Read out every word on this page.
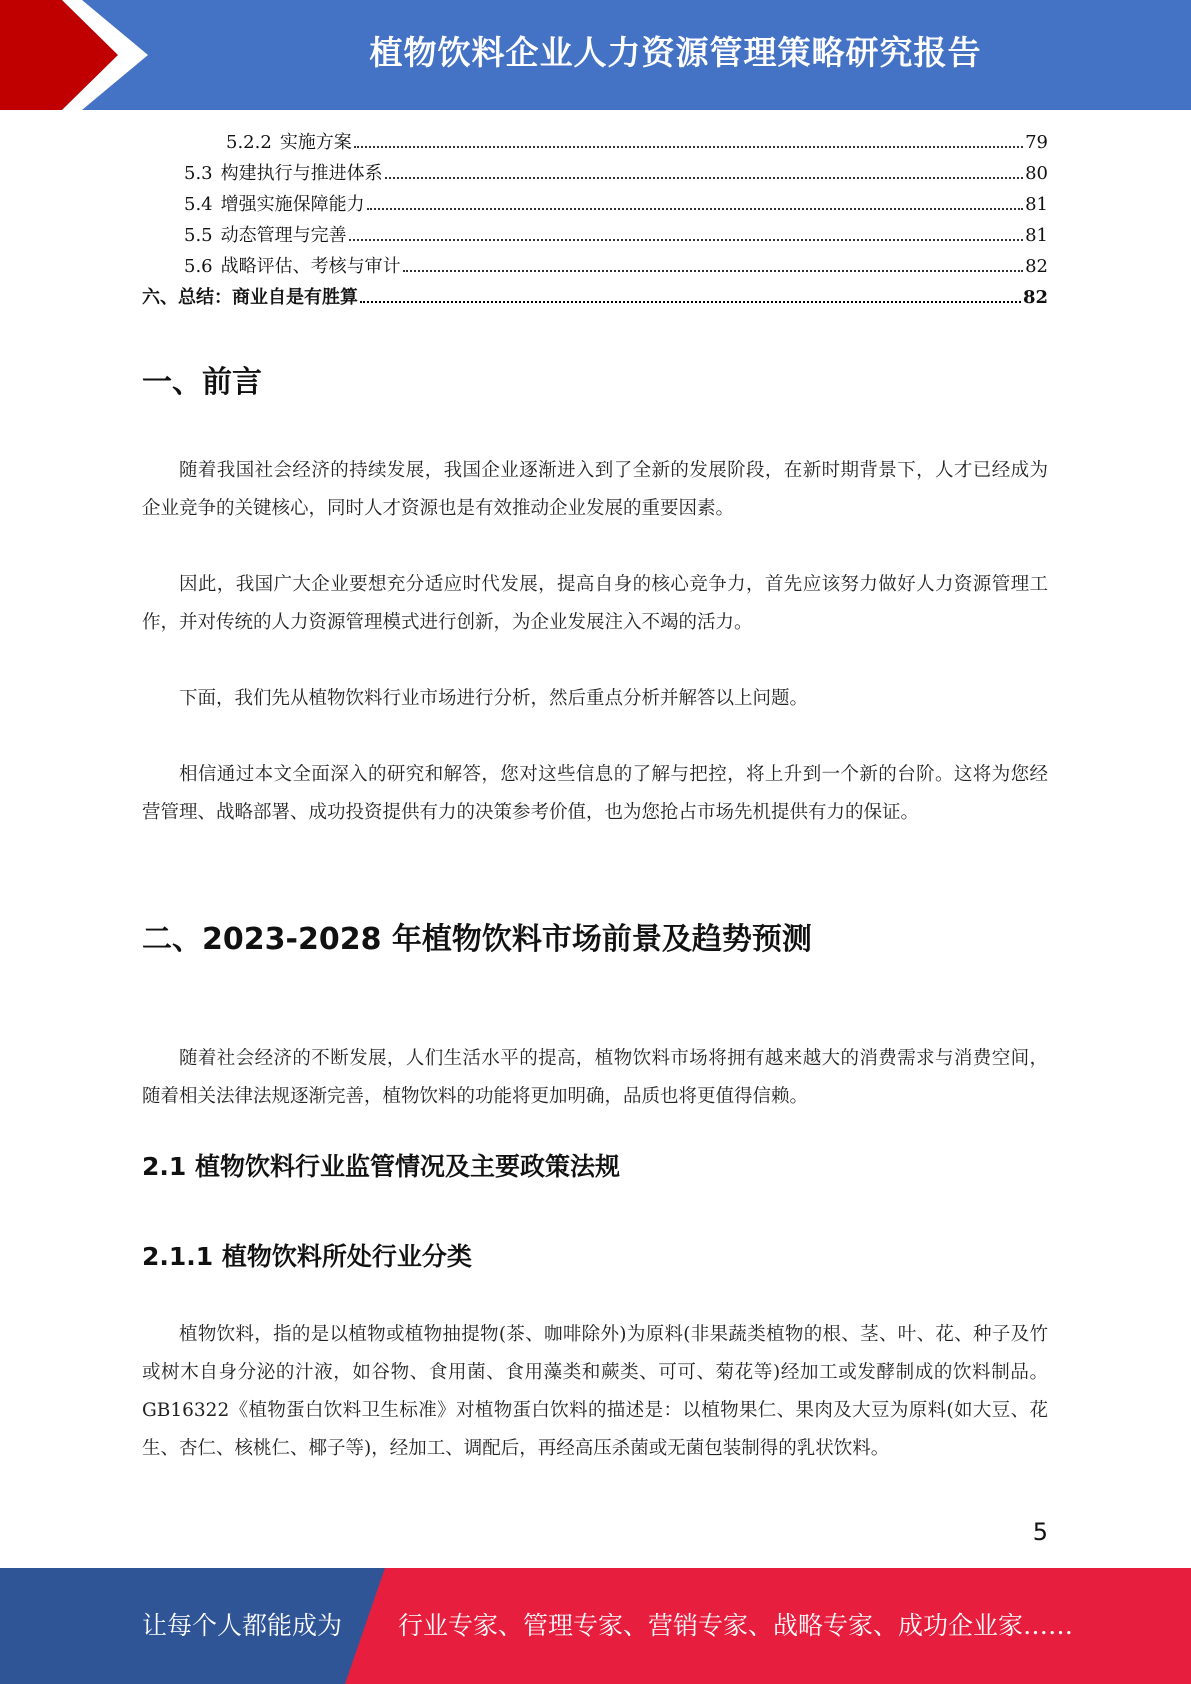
植物饮料企业人力资源管理策略研究报告
5.2.2 实施方案	79
5.3 构建执行与推进体系	80
5.4 增强实施保障能力	81
5.5 动态管理与完善	81
5.6 战略评估、考核与审计	82
六、总结：商业自是有胜算	82
一、前言

随着我国社会经济的持续发展，我国企业逐渐进入到了全新的发展阶段，在新时期背景下，人才已经成为企业竞争的关键核心，同时人才资源也是有效推动企业发展的重要因素。

因此，我国广大企业要想充分适应时代发展，提高自身的核心竞争力，首先应该努力做好人力资源管理工作，并对传统的人力资源管理模式进行创新，为企业发展注入不竭的活力。

下面，我们先从植物饮料行业市场进行分析，然后重点分析并解答以上问题。

相信通过本文全面深入的研究和解答，您对这些信息的了解与把控，将上升到一个新的台阶。这将为您经营管理、战略部署、成功投资提供有力的决策参考价值，也为您抢占市场先机提供有力的保证。

二、2023-2028 年植物饮料市场前景及趋势预测

随着社会经济的不断发展，人们生活水平的提高，植物饮料市场将拥有越来越大的消费需求与消费空间，随着相关法律法规逐渐完善，植物饮料的功能将更加明确，品质也将更值得信赖。

2.1 植物饮料行业监管情况及主要政策法规
2.1.1 植物饮料所处行业分类

植物饮料，指的是以植物或植物抽提物(茶、咖啡除外)为原料(非果蔬类植物的根、茎、叶、花、种子及竹或树木自身分泌的汁液，如谷物、食用菌、食用藻类和蕨类、可可、菊花等)经加工或发酵制成的饮料制品。GB16322《植物蛋白饮料卫生标准》对植物蛋白饮料的描述是：以植物果仁、果肉及大豆为原料(如大豆、花生、杏仁、核桃仁、椰子等)，经加工、调配后，再经高压杀菌或无菌包装制得的乳状饮料。

5
让每个人都能成为 行业专家、管理专家、营销专家、战略专家、成功企业家……
